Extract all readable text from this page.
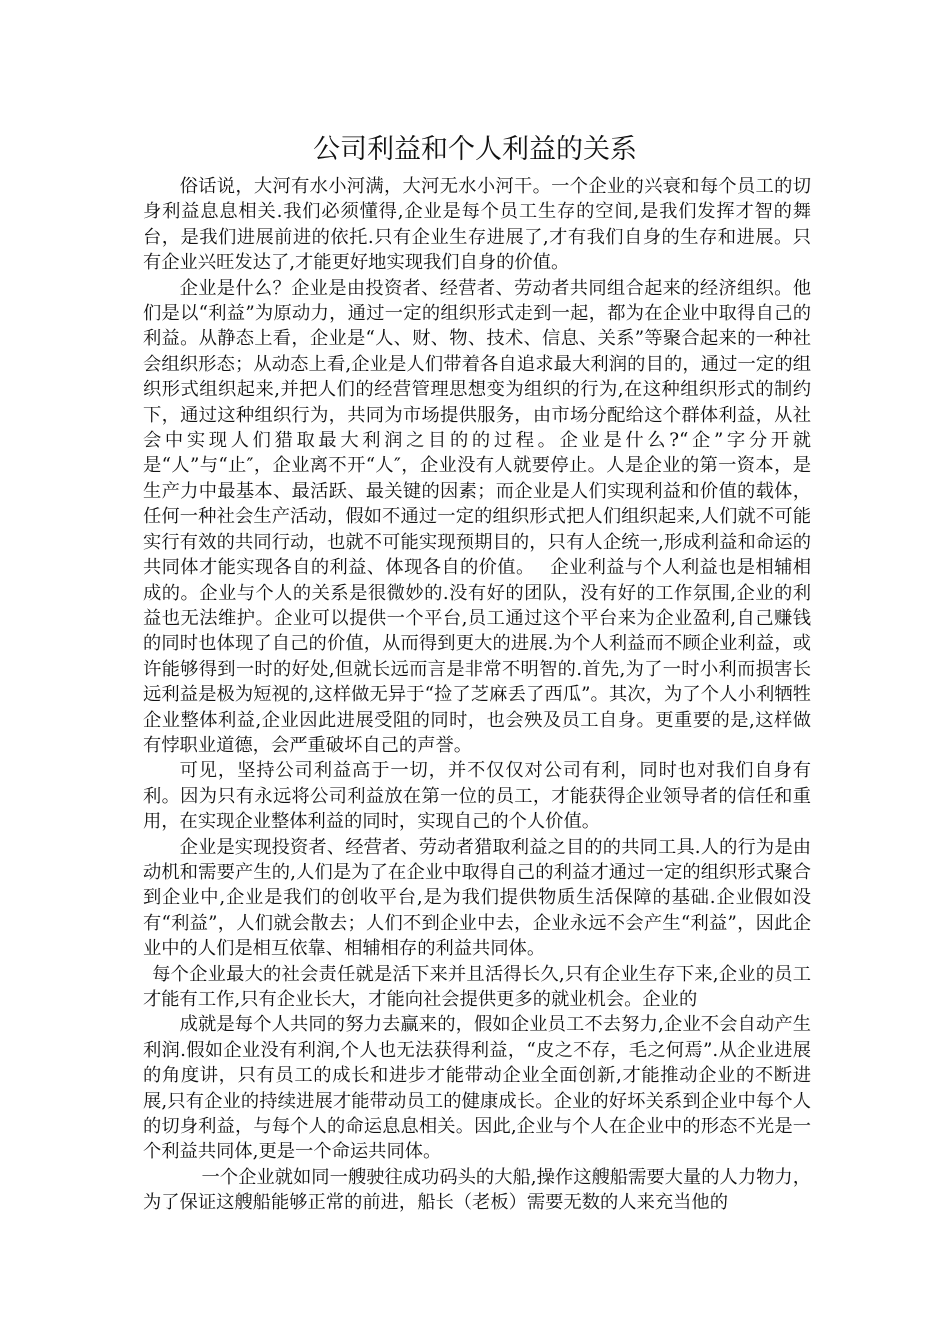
公司利益和个人利益的关系

俗话说，大河有水小河满，大河无水小河干。一个企业的兴衰和每个员工的切身利益息息相关.我们必须懂得,企业是每个员工生存的空间,是我们发挥才智的舞台，是我们进展前进的依托.只有企业生存进展了,才有我们自身的生存和进展。只有企业兴旺发达了,才能更好地实现我们自身的价值。

企业是什么？企业是由投资者、经营者、劳动者共同组合起来的经济组织。他们是以“利益”为原动力，通过一定的组织形式走到一起，都为在企业中取得自己的利益。从静态上看，企业是“人、财、物、技术、信息、关系”等聚合起来的一种社会组织形态；从动态上看,企业是人们带着各自追求最大利润的目的，通过一定的组织形式组织起来,并把人们的经营管理思想变为组织的行为,在这种组织形式的制约下，通过这种组织行为，共同为市场提供服务，由市场分配给这个群体利益，从社会中实现人们猎取最大利润之目的的过程。企业是什么?“企”字分开就是“人”与“止″，企业离不开“人″，企业没有人就要停止。人是企业的第一资本，是生产力中最基本、最活跃、最关键的因素；而企业是人们实现利益和价值的载体，任何一种社会生产活动，假如不通过一定的组织形式把人们组织起来,人们就不可能实行有效的共同行动，也就不可能实现预期目的，只有人企统一,形成利益和命运的共同体才能实现各自的利益、体现各自的价值。　 企业利益与个人利益也是相辅相成的。企业与个人的关系是很微妙的.没有好的团队，没有好的工作氛围,企业的利益也无法维护。企业可以提供一个平台,员工通过这个平台来为企业盈利,自己赚钱的同时也体现了自己的价值，从而得到更大的进展.为个人利益而不顾企业利益，或许能够得到一时的好处,但就长远而言是非常不明智的.首先,为了一时小利而损害长远利益是极为短视的,这样做无异于“捡了芝麻丢了西瓜”。其次，为了个人小利牺牲企业整体利益,企业因此进展受阻的同时，也会殃及员工自身。更重要的是,这样做有悖职业道德，会严重破坏自己的声誉。

可见，坚持公司利益高于一切，并不仅仅对公司有利，同时也对我们自身有利。因为只有永远将公司利益放在第一位的员工，才能获得企业领导者的信任和重用，在实现企业整体利益的同时，实现自己的个人价值。

企业是实现投资者、经营者、劳动者猎取利益之目的的共同工具.人的行为是由动机和需要产生的,人们是为了在企业中取得自己的利益才通过一定的组织形式聚合到企业中,企业是我们的创收平台,是为我们提供物质生活保障的基础.企业假如没有“利益”，人们就会散去；人们不到企业中去，企业永远不会产生“利益”，因此企业中的人们是相互依靠、相辅相存的利益共同体。

每个企业最大的社会责任就是活下来并且活得长久,只有企业生存下来,企业的员工才能有工作,只有企业长大，才能向社会提供更多的就业机会。企业的

成就是每个人共同的努力去赢来的，假如企业员工不去努力,企业不会自动产生利润.假如企业没有利润,个人也无法获得利益，“皮之不存，毛之何焉”.从企业进展的角度讲，只有员工的成长和进步才能带动企业全面创新,才能推动企业的不断进展,只有企业的持续进展才能带动员工的健康成长。企业的好坏关系到企业中每个人的切身利益，与每个人的命运息息相关。因此,企业与个人在企业中的形态不光是一个利益共同体,更是一个命运共同体。

一个企业就如同一艘驶往成功码头的大船,操作这艘船需要大量的人力物力，为了保证这艘船能够正常的前进，船长（老板）需要无数的人来充当他的
